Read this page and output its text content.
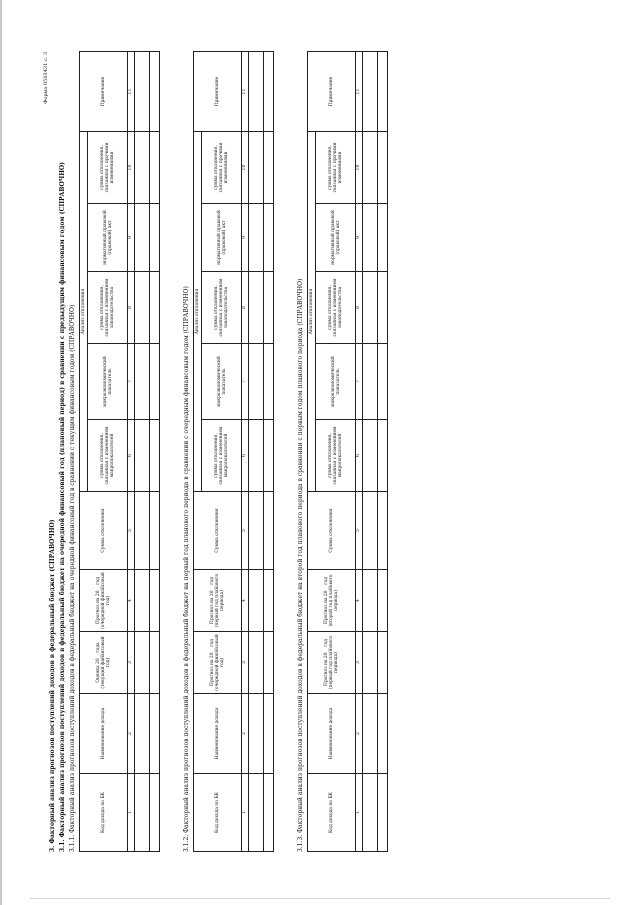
Форма 0503431 с. 3
3. Факторный анализ прогнозов поступлений доходов в федеральный бюджет (СПРАВОЧНО) 3.1. Факторный анализ прогнозов поступлений доходов в федеральный бюджет на очередной финансовый год (плановый период) в сравнении с предыдущим финансовым годом (СПРАВОЧНО) 3.1.1. Факторный анализ прогнозов поступлений доходов в федеральный бюджет на очередной финансовый год в сравнении с текущим финансовым годом (СПРАВОЧНО)	Код дохода по БК	Наименование дохода	Оценка 20__ года (текущий финансовый год)	Прогноз на 20__ год (очередной финансовый год)	Сумма отклонения	Анализ отклонения					Примечание
					сумма отклонения, связанная с изменением макропоказателей	макроэкономический показатель	сумма отклонения, связанная с изменением законодательства	нормативный правовой (правовой) акт	сумма отклонения, связанная с прочими изменениями	
1	2	3	4	5	6	7	8	9	10	11

3.1.2. Факторный анализ прогнозов поступлений доходов в федеральный бюджет на первый год планового периода в сравнении с очередным финансовым годом (СПРАВОЧНО)	Код дохода по БК	Наименование дохода	Прогноз на 20__ год (очередной финансовый год)	Прогноз на 20__ год (первый год планового периода)	Сумма отклонения	Анализ отклонения					Примечание
					сумма отклонения, связанная с изменением макропоказателей	макроэкономический показатель	сумма отклонения, связанная с изменением законодательства	нормативный правовой (правовой) акт	сумма отклонения, связанная с прочими изменениями	
1	2	3	4	5	6	7	8	9	10	11

3.1.3. Факторный анализ прогнозов поступлений доходов в федеральный бюджет на второй год планового периода в сравнении с первым годом планового периода (СПРАВОЧНО)	Код дохода по БК	Наименование дохода	Прогноз на 20__ год (первый год планового периода)	Прогноз на 20__ год (второй год планового периода)	Сумма отклонения	Анализ отклонения					Примечание
					сумма отклонения, связанная с изменением макропоказателей	макроэкономический показатель	сумма отклонения, связанная с изменением законодательства	нормативный правовой (правовой) акт	сумма отклонения, связанная с прочими изменениями	
1	2	3	4	5	6	7	8	9	10	11
